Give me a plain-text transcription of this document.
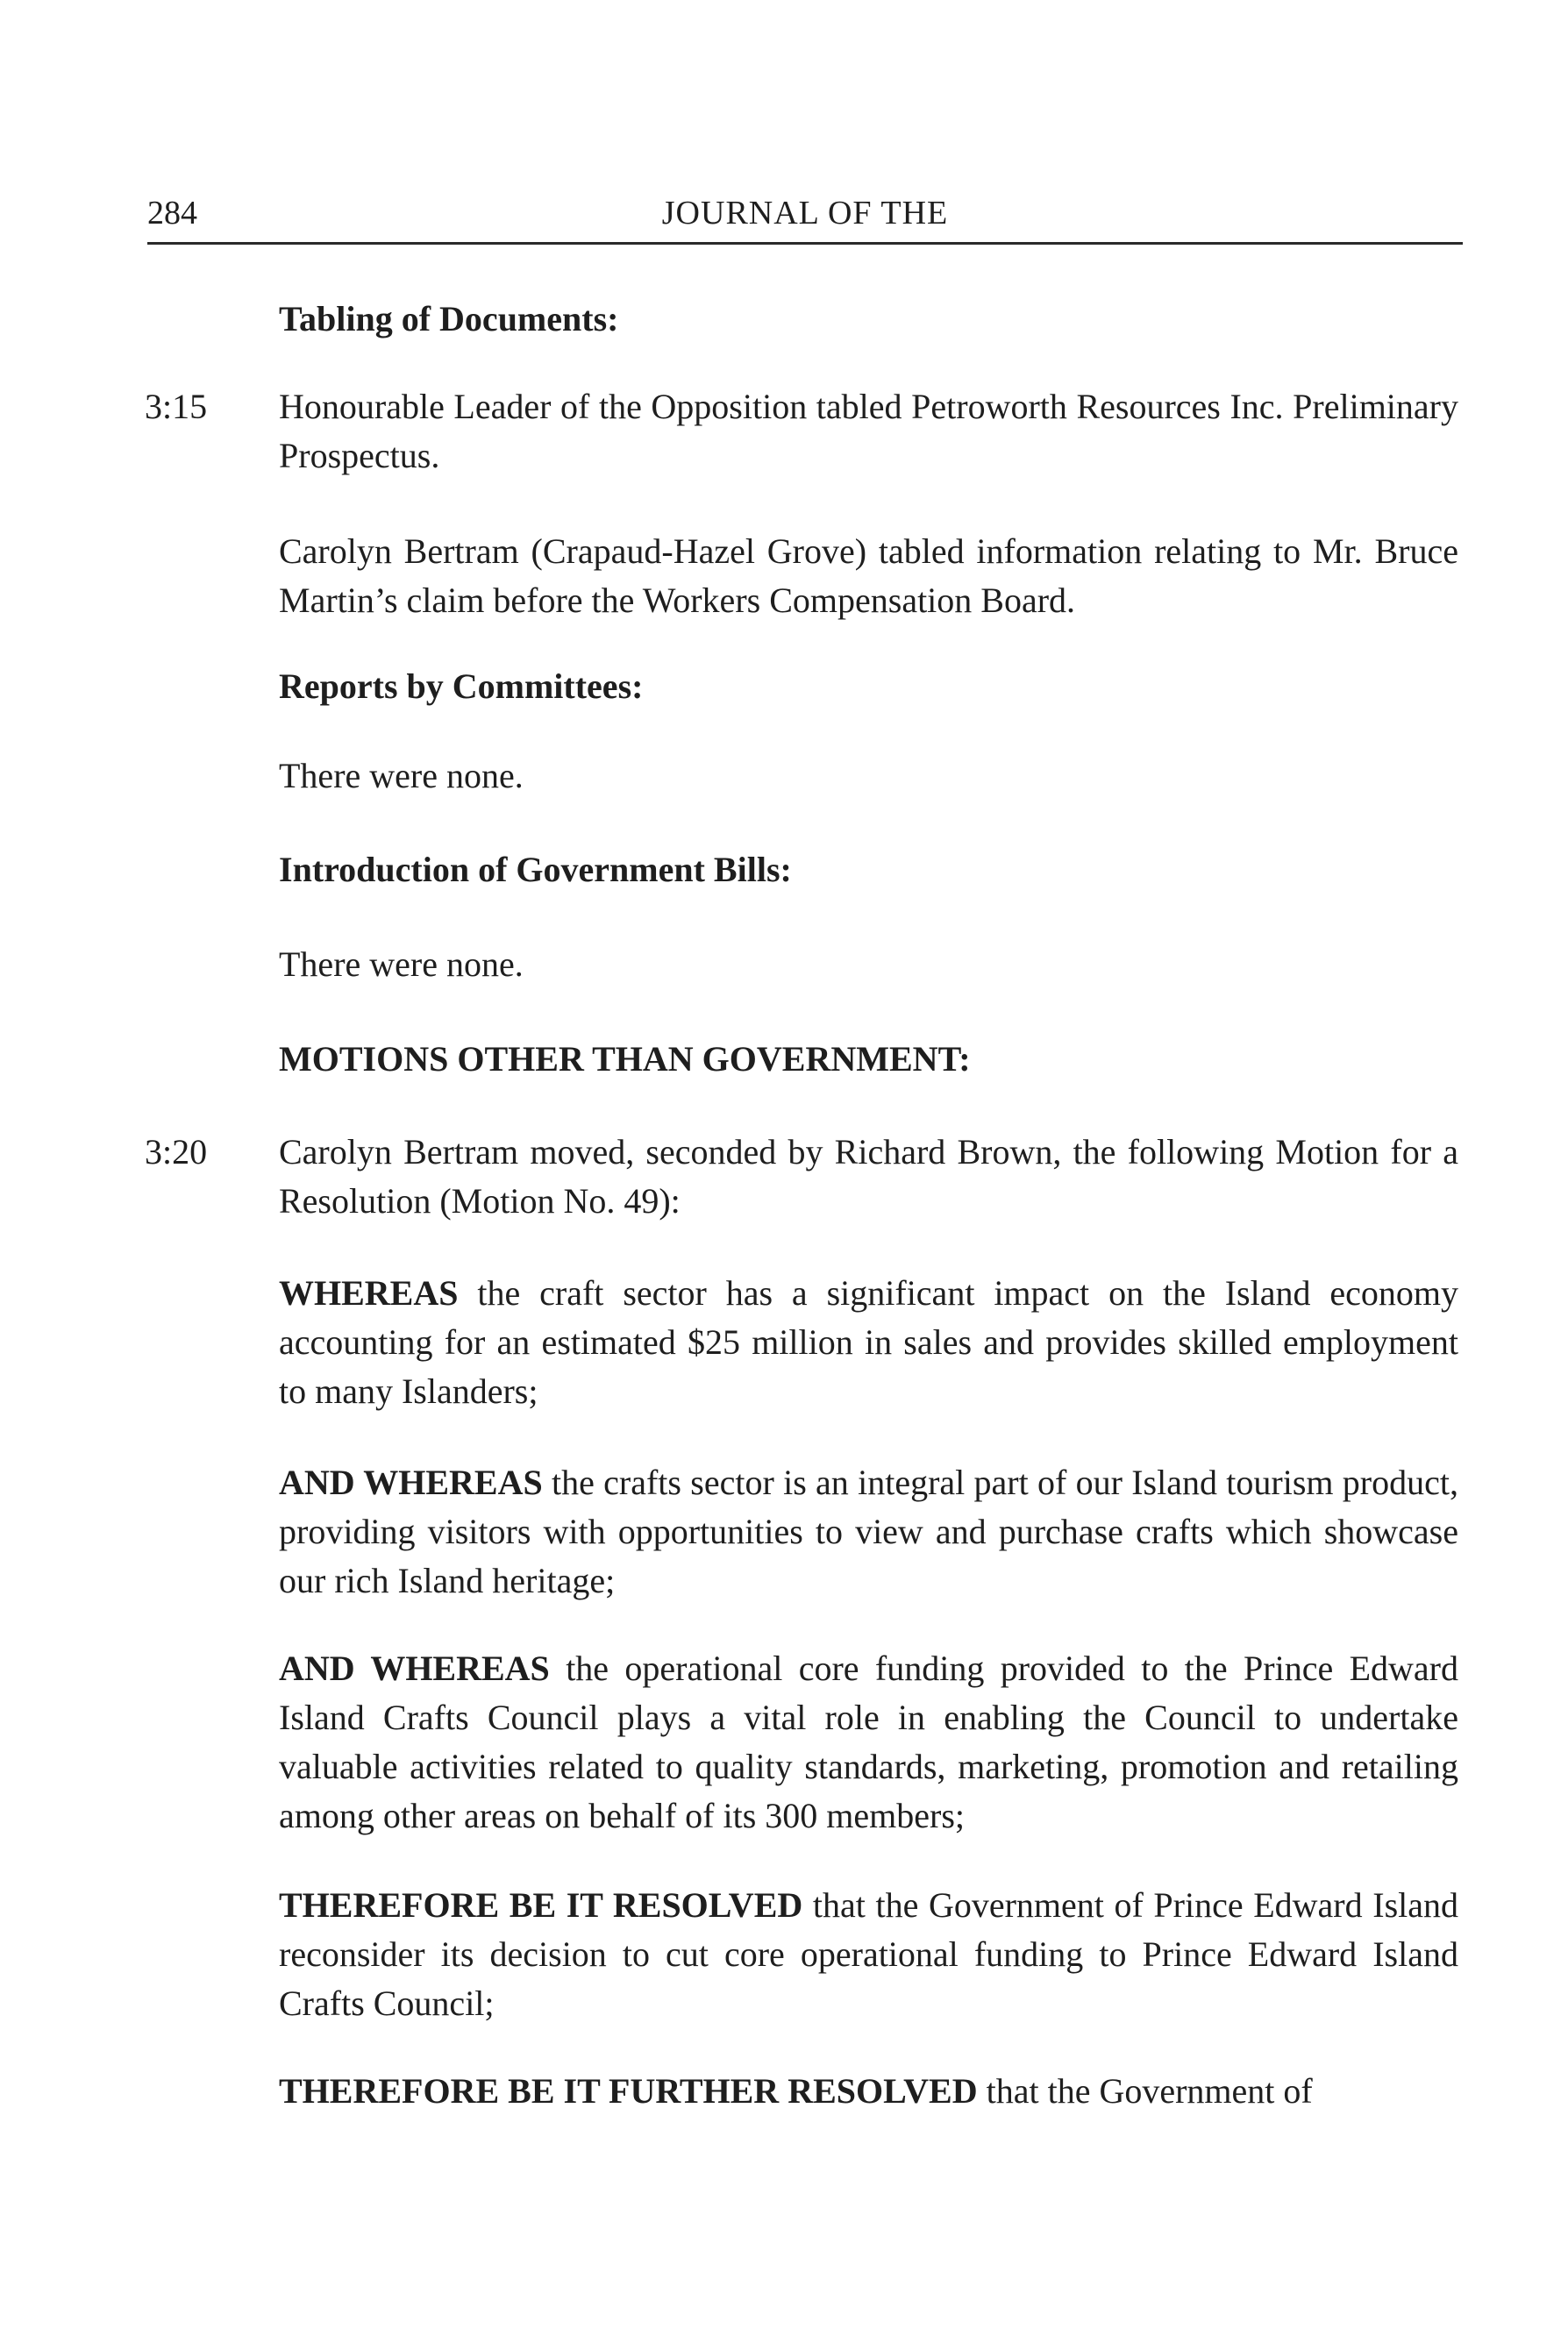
284	JOURNAL OF THE
Tabling of Documents:
3:15 Honourable Leader of the Opposition tabled Petroworth Resources Inc. Preliminary Prospectus.
Carolyn Bertram (Crapaud-Hazel Grove) tabled information relating to Mr. Bruce Martin’s claim before the Workers Compensation Board.
Reports by Committees:
There were none.
Introduction of Government Bills:
There were none.
MOTIONS OTHER THAN GOVERNMENT:
3:20 Carolyn Bertram moved, seconded by Richard Brown, the following Motion for a Resolution (Motion No. 49):
WHEREAS the craft sector has a significant impact on the Island economy accounting for an estimated $25 million in sales and provides skilled employment to many Islanders;
AND WHEREAS the crafts sector is an integral part of our Island tourism product, providing visitors with opportunities to view and purchase crafts which showcase our rich Island heritage;
AND WHEREAS the operational core funding provided to the Prince Edward Island Crafts Council plays a vital role in enabling the Council to undertake valuable activities related to quality standards, marketing, promotion and retailing among other areas on behalf of its 300 members;
THEREFORE BE IT RESOLVED that the Government of Prince Edward Island reconsider its decision to cut core operational funding to Prince Edward Island Crafts Council;
THEREFORE BE IT FURTHER RESOLVED that the Government of
